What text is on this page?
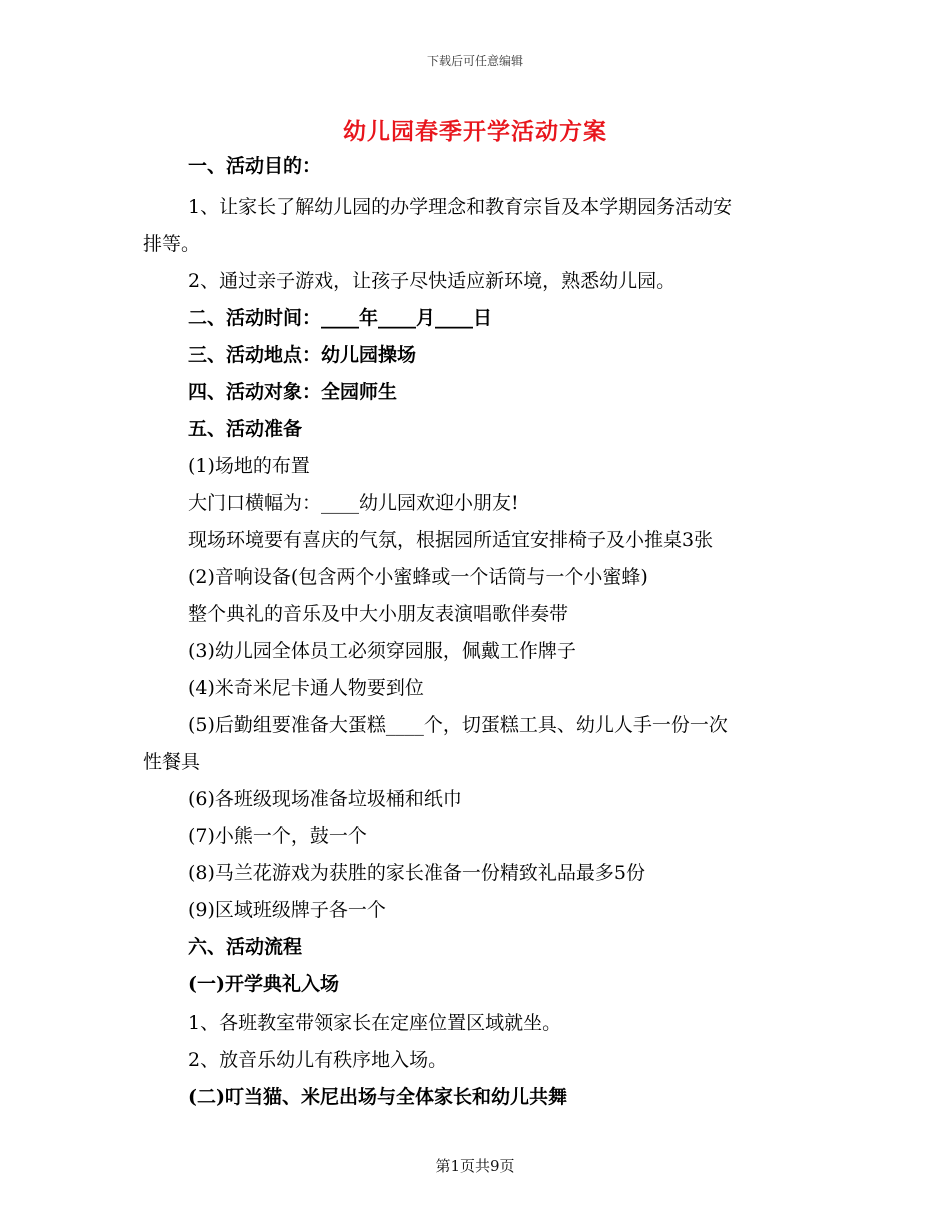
下载后可任意编辑
幼儿园春季开学活动方案
一、活动目的：
1、让家长了解幼儿园的办学理念和教育宗旨及本学期园务活动安
排等。
2、通过亲子游戏，让孩子尽快适应新环境，熟悉幼儿园。
二、活动时间：____年____月____日
三、活动地点：幼儿园操场
四、活动对象：全园师生
五、活动准备
(1)场地的布置
大门口横幅为：____幼儿园欢迎小朋友!
现场环境要有喜庆的气氛，根据园所适宜安排椅子及小推桌3张
(2)音响设备(包含两个小蜜蜂或一个话筒与一个小蜜蜂)
整个典礼的音乐及中大小朋友表演唱歌伴奏带
(3)幼儿园全体员工必须穿园服，佩戴工作牌子
(4)米奇米尼卡通人物要到位
(5)后勤组要准备大蛋糕____个，切蛋糕工具、幼儿人手一份一次
性餐具
(6)各班级现场准备垃圾桶和纸巾
(7)小熊一个，鼓一个
(8)马兰花游戏为获胜的家长准备一份精致礼品最多5份
(9)区域班级牌子各一个
六、活动流程
(一)开学典礼入场
1、各班教室带领家长在定座位置区域就坐。
2、放音乐幼儿有秩序地入场。
(二)叮当猫、米尼出场与全体家长和幼儿共舞
第1页共9页
